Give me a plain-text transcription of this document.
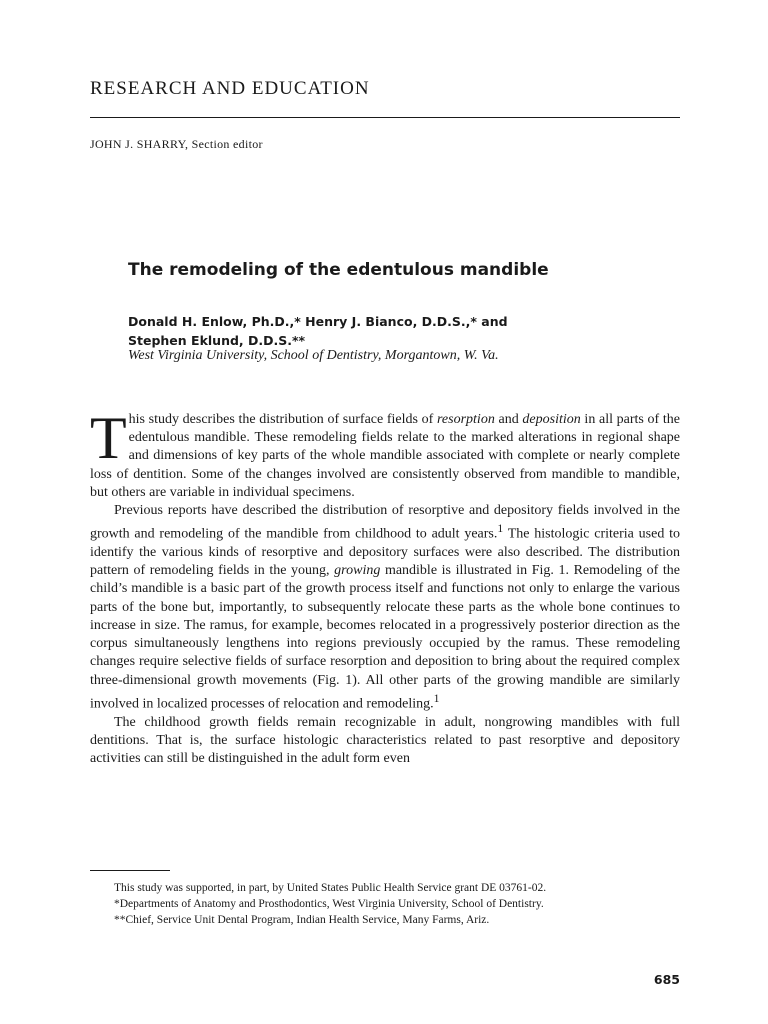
RESEARCH AND EDUCATION
JOHN J. SHARRY, Section editor
The remodeling of the edentulous mandible
Donald H. Enlow, Ph.D.,* Henry J. Bianco, D.D.S.,* and
Stephen Eklund, D.D.S.**
West Virginia University, School of Dentistry, Morgantown, W. Va.

This study describes the distribution of surface fields of resorption and deposition in all parts of the edentulous mandible. These remodeling fields relate to the marked alterations in regional shape and dimensions of key parts of the whole mandible associated with complete or nearly complete loss of dentition. Some of the changes involved are consistently observed from mandible to mandible, but others are variable in individual specimens.

Previous reports have described the distribution of resorptive and depository fields involved in the growth and remodeling of the mandible from childhood to adult years.$^1$ The histologic criteria used to identify the various kinds of resorptive and depository surfaces were also described. The distribution pattern of remodeling fields in the young, growing mandible is illustrated in Fig. 1. Remodeling of the child’s mandible is a basic part of the growth process itself and functions not only to enlarge the various parts of the bone but, importantly, to subsequently relocate these parts as the whole bone continues to increase in size. The ramus, for example, becomes relocated in a progressively posterior direction as the corpus simultaneously lengthens into regions previously occupied by the ramus. These remodeling changes require selective fields of surface resorption and deposition to bring about the required complex three-dimensional growth movements (Fig. 1). All other parts of the growing mandible are similarly involved in localized processes of relocation and remodeling.$^1$

The childhood growth fields remain recognizable in adult, nongrowing mandibles with full dentitions. That is, the surface histologic characteristics related to past resorptive and depository activities can still be distinguished in the adult form even

This study was supported, in part, by United States Public Health Service grant DE 03761-02.

*Departments of Anatomy and Prosthodontics, West Virginia University, School of Dentistry.

**Chief, Service Unit Dental Program, Indian Health Service, Many Farms, Ariz.

685
